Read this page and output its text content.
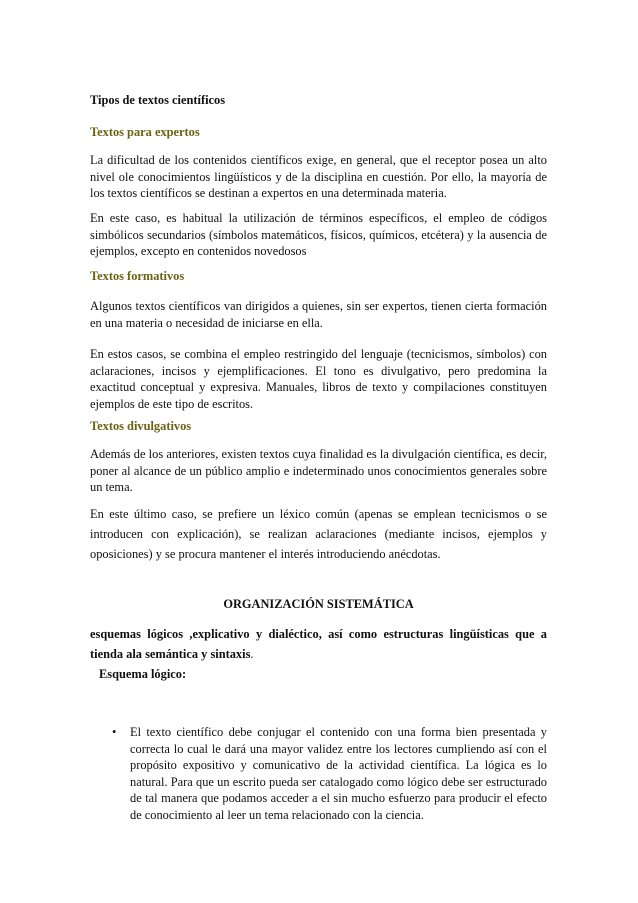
Tipos de textos científicos

Textos para expertos

La dificultad de los contenidos científicos exige, en general, que el receptor posea un alto nivel ole conocimientos lingüísticos y de la disciplina en cuestión. Por ello, la mayoría de los textos científicos se destinan a expertos en una determinada materia.

En este caso, es habitual la utilización de términos específicos, el empleo de códigos simbólicos secundarios (símbolos matemáticos, físicos, químicos, etcétera) y la ausencia de ejemplos, excepto en contenidos novedosos

Textos formativos

Algunos textos científicos van dirigidos a quienes, sin ser expertos, tienen cierta formación en una materia o necesidad de iniciarse en ella.

En estos casos, se combina el empleo restringido del lenguaje (tecnicismos, símbolos) con aclaraciones, incisos y ejemplificaciones. El tono es divulgativo, pero predomina la exactitud conceptual y expresiva. Manuales, libros de texto y compilaciones constituyen ejemplos de este tipo de escritos.

Textos divulgativos

Además de los anteriores, existen textos cuya finalidad es la divulgación científica, es decir, poner al alcance de un público amplio e indeterminado unos conocimientos generales sobre un tema.

En este último caso, se prefiere un léxico común (apenas se emplean tecnicismos o se introducen con explicación), se realizan aclaraciones (mediante incisos, ejemplos y oposiciones) y se procura mantener el interés introduciendo anécdotas.

ORGANIZACIÓN SISTEMÁTICA

esquemas lógicos ,explicativo y dialéctico, así como estructuras lingüísticas que a tienda ala semántica y sintaxis.

Esquema lógico:

• El texto científico debe conjugar el contenido con una forma bien presentada y correcta lo cual le dará una mayor validez entre los lectores cumpliendo así con el propósito expositivo y comunicativo de la actividad científica. La lógica es lo natural. Para que un escrito pueda ser catalogado como lógico debe ser estructurado de tal manera que podamos acceder a el sin mucho esfuerzo para producir el efecto de conocimiento al leer un tema relacionado con la ciencia.
